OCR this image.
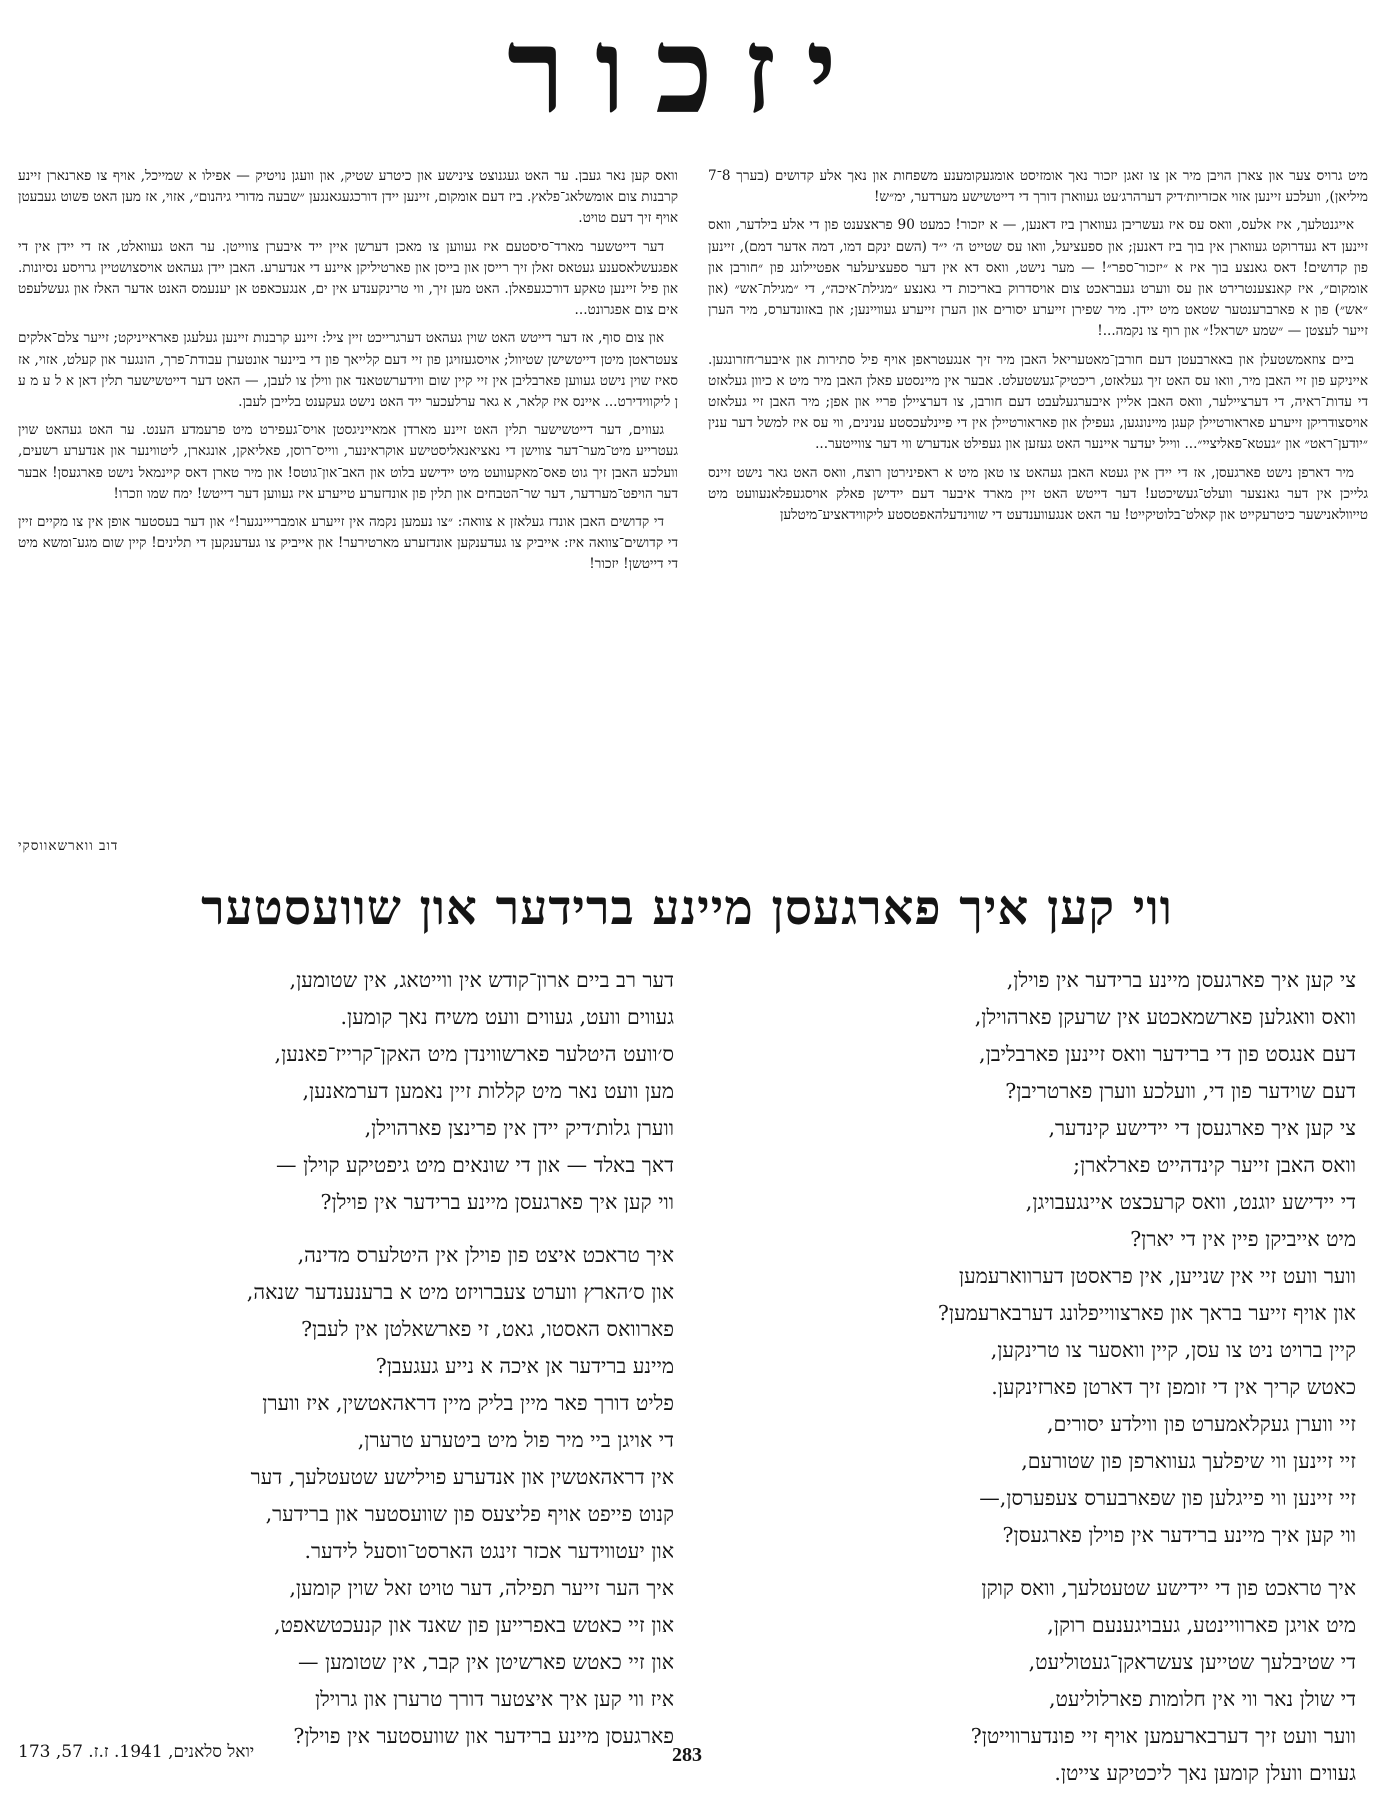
יזכור

מיט גרויס צער און צארן הויבן מיר אן צו זאגן יזכור נאך אומזיסט אומגעקומענע משפחות און נאך אלע קדושים (בערך 8־7 מיליאן), וועלכע זיינען אזוי אכזריות׳דיק דערהרג׳עט געווארן דורך די דייטשישע מערדער, ימ״ש!

אייגנטלעך, איז אלעס, וואס עס איז געשריבן געווארן ביז דאנען, — א יזכור! כמעט 90 פראצענט פון די אלע בילדער, וואס זיינען דא געדרוקט געווארן אין בוך ביז דאנען; און ספעציעל, וואו עס שטייט ה׳ י״ד (השם ינקם דמו, דמה אדער דמם), זיינען פון קדושים! דאס גאנצע בוך איז א ״יזכור־ספר״! — מער נישט, וואס דא אין דער ספעציעלער אפטיילונג פון ״חורבן און אומקום״, איז קאנצענטרירט און עס ווערט געבראכט צום אויסדרוק באריכות די גאנצע ״מגילת־איכה״, די ״מגילת־אש״ (און ״אש״) פון א פארברענטער שטאט מיט יידן. מיר שפירן זייערע יסורים און הערן זייערע געוויינען; און באזונדערס, מיר הערן זייער לעצטן — ״שמע ישראל!״ און רוף צו נקמה...!

ביים צוזאמשטעלן און באארבעטן דעם חורבן־מאטעריאל האבן מיר זיך אנגעטראפן אויף פיל סתירות און איבער׳חזרונגען. אייניקע פון זיי האבן מיר, וואו עס האט זיך געלאזט, ריכטיק־געשטעלט. אבער אין מיינסטע פאלן האבן מיר מיט א כיוון געלאזט די עדות־ראיה, די דערציילער, וואס האבן אליין איבערגעלעבט דעם חורבן, צו דערציילן פריי און אפן; מיר האבן זיי געלאזט אויסצודריקן זייערע פאראורטיילן קעגן מיינונגען, געפילן און פאראורטיילן אין די פיינלעכסטע ענינים, ווי עס איז למשל דער ענין ״יודען־ראט״ און ״געטא־פאליציי״... ווייל יעדער איינער האט געזען און געפילט אנדערש ווי דער צווייטער...

מיר דארפן נישט פארגעסן, אז די יידן אין געטא האבן געהאט צו טאן מיט א ראפינירטן רוצח, וואס האט גאר נישט זיינס גלייכן אין דער גאנצער וועלט־געשיכטע! דער דייטש האט זיין מארד איבער דעם יידישן פאלק אויסגעפלאנעוועט מיט טייוולאנישער כיטרעקייט און קאלט־בלוטיקייט! ער האט אנגעווענדעט די שווינדעלהאפטסטע ליקווידאציע־מיטלען

וואס קען נאר געבן. ער האט געגנוצט צינישע און כיטרע שטיק, און וועגן נויטיק — אפילו א שמייכל, אויף צו פארנארן זיינע קרבנות צום אומשלאג־פלאץ. ביז דעם אומקום, זיינען יידן דורכגעגאנגען ״שבעה מדורי גיהנום״, אזוי, אז מען האט פשוט געבעטן אויף זיך דעם טויט.

דער דייטשער מארד־סיסטעם איז געווען צו מאכן דערשן איין ייד איבערן צווייטן. ער האט געוואלט, אז די יידן אין די אפגעשלאסענע געטאס זאלן זיך רייסן און בייסן און פארטיליקן איינע די אנדערע. האבן יידן געהאט אויסצושטיין גרויסע נסיונות. און פיל זיינען טאקע דורכגעפאלן. האט מען זיך, ווי טרינקענדע אין ים, אנגעכאפט אן יענעמס האנט אדער האלז און געשלעפט אים צום אפגרונט...

און צום סוף, אז דער דייטש האט שוין געהאט דערגרייכט זיין ציל: זיינע קרבנות זיינען געלעגן פאראייניקט; זייער צלם־אלקים צעטראטן מיטן דייטשישן שטיוול; אויסגעזויגן פון זיי דעם קלייאך פון די ביינער אונטערן עבודת־פרך, הונגער און קעלט, אזוי, אז סאיז שוין נישט געווען פארבליבן אין זיי קיין שום ווידערשטאנד און ווילן צו לעבן, — האט דער דייטשישער תלין דאן א ל ע מ ע ן ליקווידירט... איינס איז קלאר, א גאר ערלעכער ייד האט נישט געקענט בלייבן לעבן.

געווים, דער דייטשישער תלין האט זיינע מארדן אמאייניגסטן אויס־געפירט מיט פרעמדע הענט. ער האט געהאט שוין געטרייע מיט־מער־דער צווישן די נאציאנאליסטישע אוקראינער, ווייס־רוסן, פאליאקן, אונגארן, ליטווינער און אנדערע רשעים, וועלכע האבן זיך גוט פאס־מאקעוועט מיט יידישע בלוט און האב־און־גוטס! און מיר טארן דאס קיינמאל נישט פארגעסן! אבער דער הויפט־מערדער, דער שר־הטבחים און תלין פון אונדזערע טייערע איז געווען דער דייטש! ימח שמו וזכרו!

די קדושים האבן אונדז געלאזן א צוואה: ״צו נעמען נקמה אין זייערע אומברייינגער!״ און דער בעסטער אופן אין צו מקיים זיין די קדושים־צוואה איז: אייביק צו געדענקען אונדזערע מארטירער! און אייביק צו געדענקען די תלינים! קיין שום מגע־ומשא מיט די דייטשן! יזכור!

דוב ווארשאווסקי
ווי קען איך פארגעסן מיינע ברידער און שוועסטער
צי קען איך פארגעסן מיינע ברידער אין פוילן,
וואס וואגלען פארשמאכטע אין שרעקן פארהוילן,
דעם אנגסט פון די ברידער וואס זיינען פארבליבן,
דעם שוידער פון די, וועלכע ווערן פארטריבן?
צי קען איך פארגעסן די יידישע קינדער,
וואס האבן זייער קינדהייט פארלארן;
די יידישע יוגנט, וואס קרעכצט איינגעבויגן,
מיט אייביקן פיין אין די יארן?
ווער וועט זיי אין שנייען, אין פראסטן דערווארעמען
און אויף זייער בראך און פארצווייפלונג דערבארעמען?
קיין ברויט ניט צו עסן, קיין וואסער צו טרינקען,
כאטש קריך אין די זומפן זיך דארטן פארזינקען.
זיי ווערן געקלאמערט פון ווילדע יסורים,
זיי זיינען ווי שיפלעך געווארפן פון שטורעם,
זיי זיינען ווי פייגלען פון שפארבערס צעפערסן,—
ווי קען איך מיינע ברידער אין פוילן פארגעסן?
איך טראכט פון די יידישע שטעטלעך, וואס קוקן
מיט אויגן פארוויינטע, געבויגענעם רוקן,
די שטיבלעך שטייען צעשראקן־געטוליעט,
די שולן נאר ווי אין חלומות פארלוליעט,
ווער וועט זיך דערבארעמען אויף זיי פונדערווייטן?
געווים וועלן קומען נאך ליכטיקע צייטן.
דער רב ביים ארון־קודש אין ווייטאג, אין שטומען,
געווים וועט, געווים וועט משיח נאך קומען.
ס׳וועט היטלער פארשווינדן מיט האקן־קרייז־פאנען,
מען וועט נאר מיט קללות זיין נאמען דערמאנען,
ווערן גלות׳דיק יידן אין פרינצן פארהוילן,
דאך באלד — און די שונאים מיט גיפטיקע קוילן —
ווי קען איך פארגעסן מיינע ברידער אין פוילן?
איך טראכט איצט פון פוילן אין היטלערס מדינה,
און ס׳הארץ ווערט צעברויזט מיט א ברענענדער שנאה,
פארוואס האסטו, גאט, זי פארשאלטן אין לעבן?
מיינע ברידער אן איכה א נייע געגעבן?
פליט דורך פאר מיין בליק מיין דראהאטשין, איז ווערן
די אויגן ביי מיר פול מיט ביטערע טרערן,
אין דראהאטשין און אנדערע פוילישע שטעטלעך, דער
קנוט פייפט אויף פליצעס פון שוועסטער און ברידער,
און יעטווידער אכזר זינגט הארסט־ווסעל לידער.
איך הער זייער תפילה, דער טויט זאל שוין קומען,
און זיי כאטש באפרייען פון שאנד און קנעכטשאפט,
און זיי כאטש פארשיטן אין קבר, אין שטומען —
איז ווי קען איך איצטער דורך טרערן און גרוילן
פארגעסן מיינע ברידער און שוועסטער אין פוילן?
יואל סלאנים, 1941. ז.ז. 57, 173	283
